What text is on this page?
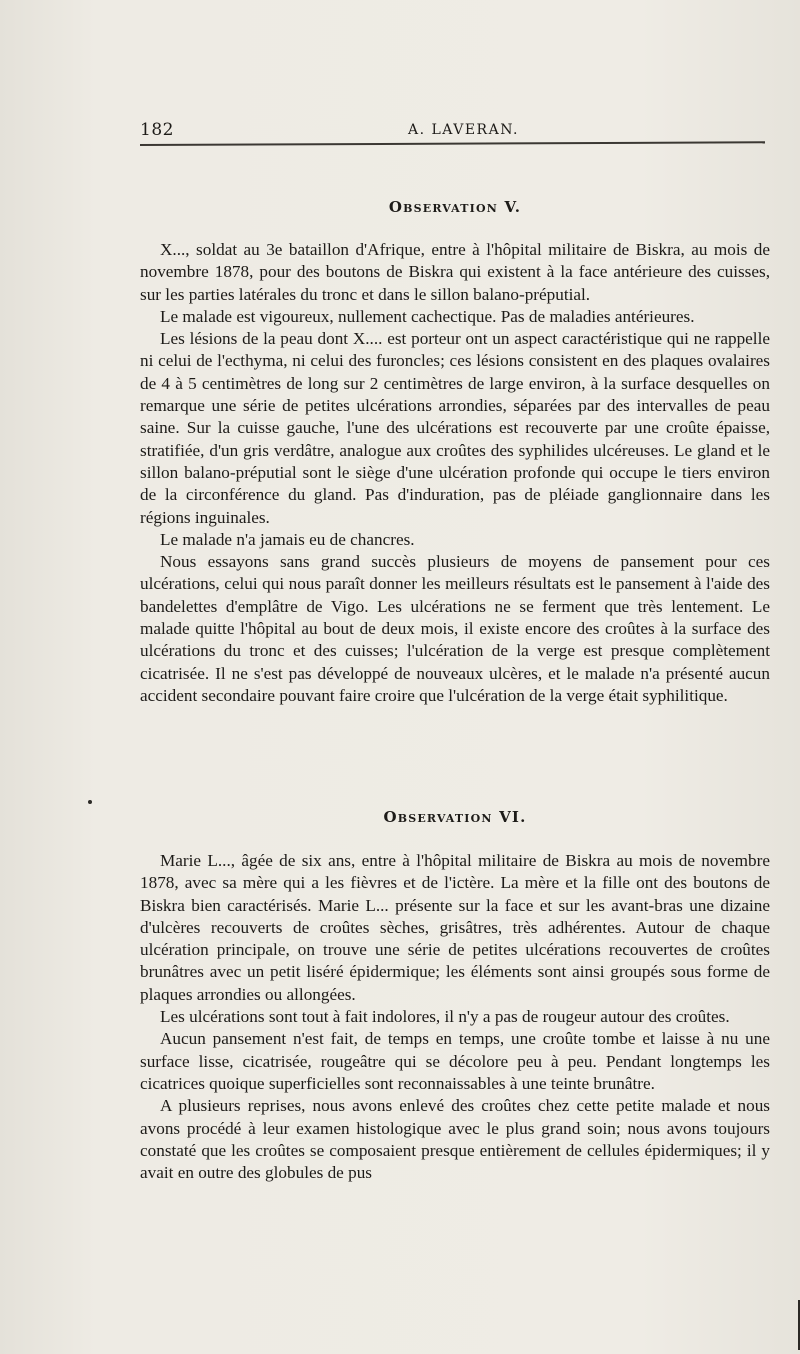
182	A. LAVERAN.
Observation V.

X..., soldat au 3e bataillon d'Afrique, entre à l'hôpital militaire de Biskra, au mois de novembre 1878, pour des boutons de Biskra qui existent à la face antérieure des cuisses, sur les parties latérales du tronc et dans le sillon balano-préputial.

Le malade est vigoureux, nullement cachectique. Pas de maladies antérieures.

Les lésions de la peau dont X.... est porteur ont un aspect caractéristique qui ne rappelle ni celui de l'ecthyma, ni celui des furoncles; ces lésions consistent en des plaques ovalaires de 4 à 5 centimètres de long sur 2 centimètres de large environ, à la surface desquelles on remarque une série de petites ulcérations arrondies, séparées par des intervalles de peau saine. Sur la cuisse gauche, l'une des ulcérations est recouverte par une croûte épaisse, stratifiée, d'un gris verdâtre, analogue aux croûtes des syphilides ulcéreuses. Le gland et le sillon balano-préputial sont le siège d'une ulcération profonde qui occupe le tiers environ de la circonférence du gland. Pas d'induration, pas de pléiade ganglionnaire dans les régions inguinales.

Le malade n'a jamais eu de chancres.

Nous essayons sans grand succès plusieurs de moyens de pansement pour ces ulcérations, celui qui nous paraît donner les meilleurs résultats est le pansement à l'aide des bandelettes d'emplâtre de Vigo. Les ulcérations ne se ferment que très lentement. Le malade quitte l'hôpital au bout de deux mois, il existe encore des croûtes à la surface des ulcérations du tronc et des cuisses; l'ulcération de la verge est presque complètement cicatrisée. Il ne s'est pas développé de nouveaux ulcères, et le malade n'a présenté aucun accident secondaire pouvant faire croire que l'ulcération de la verge était syphilitique.

Observation VI.

Marie L..., âgée de six ans, entre à l'hôpital militaire de Biskra au mois de novembre 1878, avec sa mère qui a les fièvres et de l'ictère. La mère et la fille ont des boutons de Biskra bien caractérisés. Marie L... présente sur la face et sur les avant-bras une dizaine d'ulcères recouverts de croûtes sèches, grisâtres, très adhérentes. Autour de chaque ulcération principale, on trouve une série de petites ulcérations recouvertes de croûtes brunâtres avec un petit liséré épidermique; les éléments sont ainsi groupés sous forme de plaques arrondies ou allongées.

Les ulcérations sont tout à fait indolores, il n'y a pas de rougeur autour des croûtes.

Aucun pansement n'est fait, de temps en temps, une croûte tombe et laisse à nu une surface lisse, cicatrisée, rougeâtre qui se décolore peu à peu. Pendant longtemps les cicatrices quoique superficielles sont reconnaissables à une teinte brunâtre.

A plusieurs reprises, nous avons enlevé des croûtes chez cette petite malade et nous avons procédé à leur examen histologique avec le plus grand soin; nous avons toujours constaté que les croûtes se composaient presque entièrement de cellules épidermiques; il y avait en outre des globules de pus
